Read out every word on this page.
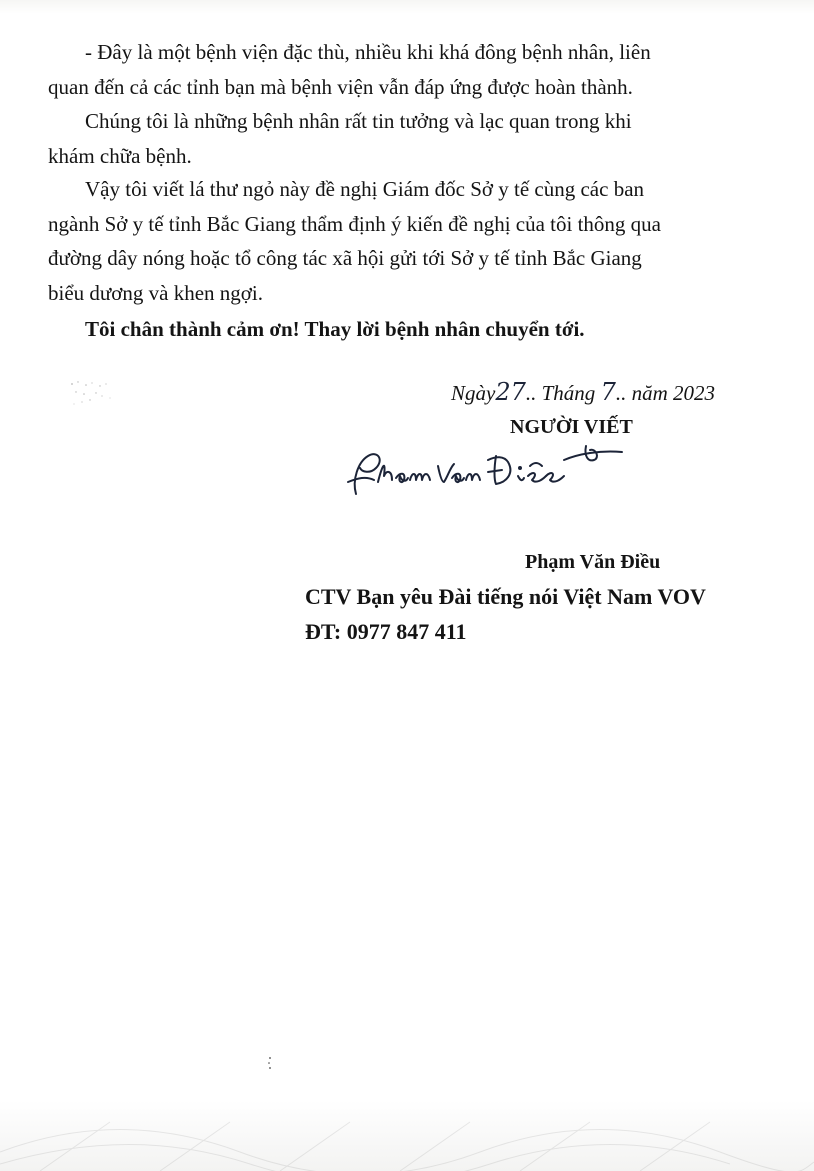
- Đây là một bệnh viện đặc thù, nhiều khi khá đông bệnh nhân, liên
quan đến cả các tỉnh bạn mà bệnh viện vẫn đáp ứng được hoàn thành.
Chúng tôi là những bệnh nhân rất tin tưởng và lạc quan trong khi
khám chữa bệnh.
Vậy tôi viết lá thư ngỏ này đề nghị Giám đốc Sở y tế cùng các ban
ngành Sở y tế tỉnh Bắc Giang thẩm định ý kiến đề nghị của tôi thông qua
đường dây nóng hoặc tổ công tác xã hội gửi tới Sở y tế tỉnh Bắc Giang
biểu dương và khen ngợi.
Tôi chân thành cảm ơn! Thay lời bệnh nhân chuyển tới.
Ngày27.. Tháng 7.. năm 2023
NGƯỜI VIẾT
Phạm Văn Điều
CTV Bạn yêu Đài tiếng nói Việt Nam VOV
ĐT: 0977 847 411
